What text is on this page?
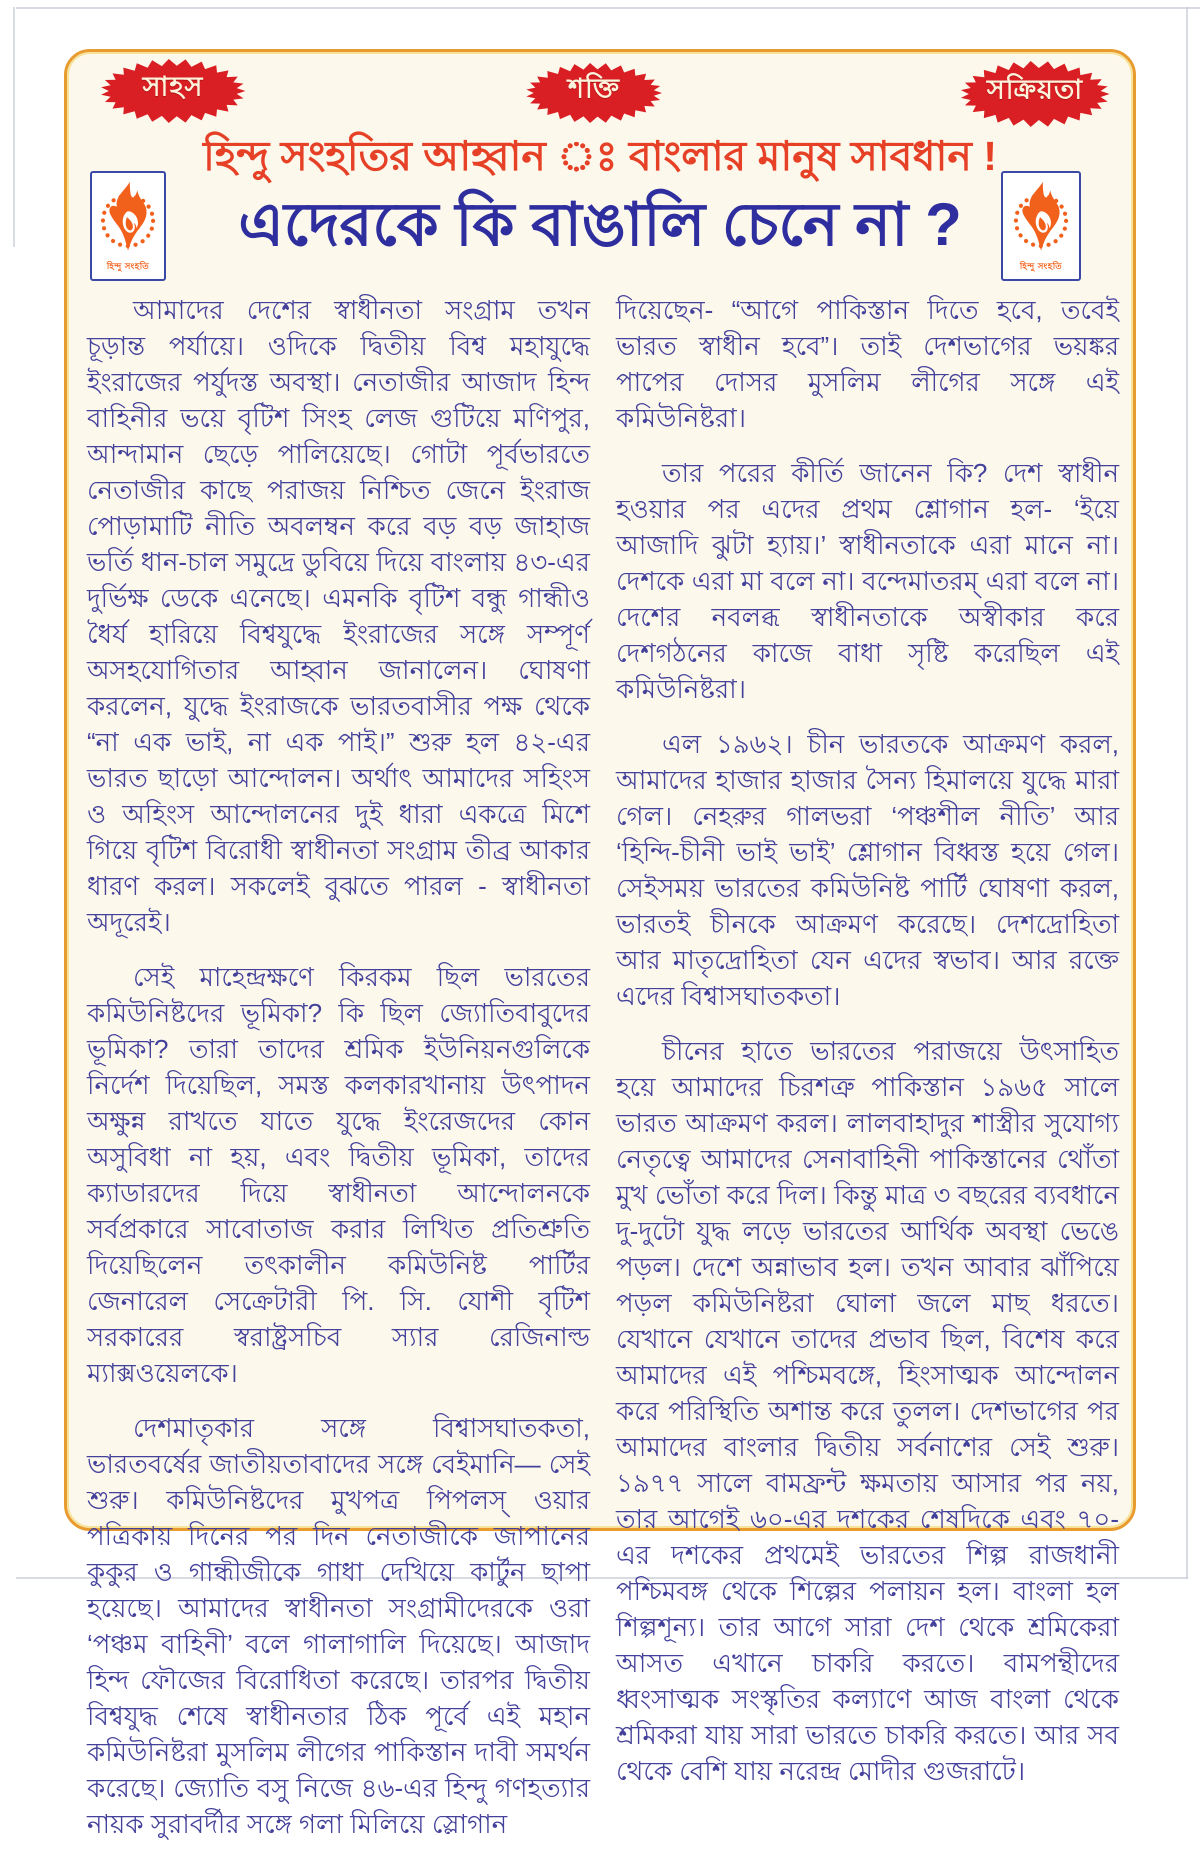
সাহস	শক্তি	সক্রিয়তা
হিন্দু সংহতির আহ্বান ঃ বাংলার মানুষ সাবধান !
এদেরকে কি বাঙালি চেনে না ?
হিন্দু সংহতি	হিন্দু সংহতি

আমাদের দেশের স্বাধীনতা সংগ্রাম তখন চূড়ান্ত পর্যায়ে। ওদিকে দ্বিতীয় বিশ্ব মহাযুদ্ধে ইংরাজের পর্যুদস্ত অবস্থা। নেতাজীর আজাদ হিন্দ বাহিনীর ভয়ে বৃটিশ সিংহ লেজ গুটিয়ে মণিপুর, আন্দামান ছেড়ে পালিয়েছে। গোটা পূর্বভারতে নেতাজীর কাছে পরাজয় নিশ্চিত জেনে ইংরাজ পোড়ামাটি নীতি অবলম্বন করে বড় বড় জাহাজ ভর্তি ধান-চাল সমুদ্রে ডুবিয়ে দিয়ে বাংলায় ৪৩-এর দুর্ভিক্ষ ডেকে এনেছে। এমনকি বৃটিশ বন্ধু গান্ধীও ধৈর্য হারিয়ে বিশ্বযুদ্ধে ইংরাজের সঙ্গে সম্পূর্ণ অসহযোগিতার আহ্বান জানালেন। ঘোষণা করলেন, যুদ্ধে ইংরাজকে ভারতবাসীর পক্ষ থেকে “না এক ভাই, না এক পাই।” শুরু হল ৪২-এর ভারত ছাড়ো আন্দোলন। অর্থাৎ আমাদের সহিংস ও অহিংস আন্দোলনের দুই ধারা একত্রে মিশে গিয়ে বৃটিশ বিরোধী স্বাধীনতা সংগ্রাম তীব্র আকার ধারণ করল। সকলেই বুঝতে পারল - স্বাধীনতা অদূরেই।

সেই মাহেন্দ্রক্ষণে কিরকম ছিল ভারতের কমিউনিষ্টদের ভূমিকা? কি ছিল জ্যোতিবাবুদের ভূমিকা? তারা তাদের শ্রমিক ইউনিয়নগুলিকে নির্দেশ দিয়েছিল, সমস্ত কলকারখানায় উৎপাদন অক্ষুন্ন রাখতে যাতে যুদ্ধে ইংরেজদের কোন অসুবিধা না হয়, এবং দ্বিতীয় ভূমিকা, তাদের ক্যাডারদের দিয়ে স্বাধীনতা আন্দোলনকে সর্বপ্রকারে সাবোতাজ করার লিখিত প্রতিশ্রুতি দিয়েছিলেন তৎকালীন কমিউনিষ্ট পার্টির জেনারেল সেক্রেটারী পি. সি. যোশী বৃটিশ সরকারের স্বরাষ্ট্রসচিব স্যার রেজিনাল্ড ম্যাক্সওয়েলকে।

দেশমাতৃকার সঙ্গে বিশ্বাসঘাতকতা, ভারতবর্ষের জাতীয়তাবাদের সঙ্গে বেইমানি— সেই শুরু। কমিউনিষ্টদের মুখপত্র পিপলস্ ওয়ার পত্রিকায় দিনের পর দিন নেতাজীকে জাপানের কুকুর ও গান্ধীজীকে গাধা দেখিয়ে কার্টুন ছাপা হয়েছে। আমাদের স্বাধীনতা সংগ্রামীদেরকে ওরা ‘পঞ্চম বাহিনী’ বলে গালাগালি দিয়েছে। আজাদ হিন্দ ফৌজের বিরোধিতা করেছে। তারপর দ্বিতীয় বিশ্বযুদ্ধ শেষে স্বাধীনতার ঠিক পূর্বে এই মহান কমিউনিষ্টরা মুসলিম লীগের পাকিস্তান দাবী সমর্থন করেছে। জ্যোতি বসু নিজে ৪৬-এর হিন্দু গণহত্যার নায়ক সুরাবর্দীর সঙ্গে গলা মিলিয়ে স্লোগান

দিয়েছেন- “আগে পাকিস্তান দিতে হবে, তবেই ভারত স্বাধীন হবে”। তাই দেশভাগের ভয়ঙ্কর পাপের দোসর মুসলিম লীগের সঙ্গে এই কমিউনিষ্টরা।

তার পরের কীর্তি জানেন কি? দেশ স্বাধীন হওয়ার পর এদের প্রথম শ্লোগান হল- ‘ইয়ে আজাদি ঝুটা হ্যায়।’ স্বাধীনতাকে এরা মানে না। দেশকে এরা মা বলে না। বন্দেমাতরম্ এরা বলে না। দেশের নবলব্ধ স্বাধীনতাকে অস্বীকার করে দেশগঠনের কাজে বাধা সৃষ্টি করেছিল এই কমিউনিষ্টরা।

এল ১৯৬২। চীন ভারতকে আক্রমণ করল, আমাদের হাজার হাজার সৈন্য হিমালয়ে যুদ্ধে মারা গেল। নেহরুর গালভরা ‘পঞ্চশীল নীতি’ আর ‘হিন্দি-চীনী ভাই ভাই’ শ্লোগান বিধ্বস্ত হয়ে গেল। সেইসময় ভারতের কমিউনিষ্ট পার্টি ঘোষণা করল, ভারতই চীনকে আক্রমণ করেছে। দেশদ্রোহিতা আর মাতৃদ্রোহিতা যেন এদের স্বভাব। আর রক্তে এদের বিশ্বাসঘাতকতা।

চীনের হাতে ভারতের পরাজয়ে উৎসাহিত হয়ে আমাদের চিরশত্রু পাকিস্তান ১৯৬৫ সালে ভারত আক্রমণ করল। লালবাহাদুর শাস্ত্রীর সুযোগ্য নেতৃত্বে আমাদের সেনাবাহিনী পাকিস্তানের থোঁতা মুখ ভোঁতা করে দিল। কিন্তু মাত্র ৩ বছরের ব্যবধানে দু-দুটো যুদ্ধ লড়ে ভারতের আর্থিক অবস্থা ভেঙে পড়ল। দেশে অন্নাভাব হল। তখন আবার ঝাঁপিয়ে পড়ল কমিউনিষ্টরা ঘোলা জলে মাছ ধরতে। যেখানে যেখানে তাদের প্রভাব ছিল, বিশেষ করে আমাদের এই পশ্চিমবঙ্গে, হিংসাত্মক আন্দোলন করে পরিস্থিতি অশান্ত করে তুলল। দেশভাগের পর আমাদের বাংলার দ্বিতীয় সর্বনাশের সেই শুরু। ১৯৭৭ সালে বামফ্রন্ট ক্ষমতায় আসার পর নয়, তার আগেই ৬০-এর দশকের শেষদিকে এবং ৭০-এর দশকের প্রথমেই ভারতের শিল্প রাজধানী পশ্চিমবঙ্গ থেকে শিল্পের পলায়ন হল। বাংলা হল শিল্পশূন্য। তার আগে সারা দেশ থেকে শ্রমিকেরা আসত এখানে চাকরি করতে। বামপন্থীদের ধ্বংসাত্মক সংস্কৃতির কল্যাণে আজ বাংলা থেকে শ্রমিকরা যায় সারা ভারতে চাকরি করতে। আর সব থেকে বেশি যায় নরেন্দ্র মোদীর গুজরাটে।
